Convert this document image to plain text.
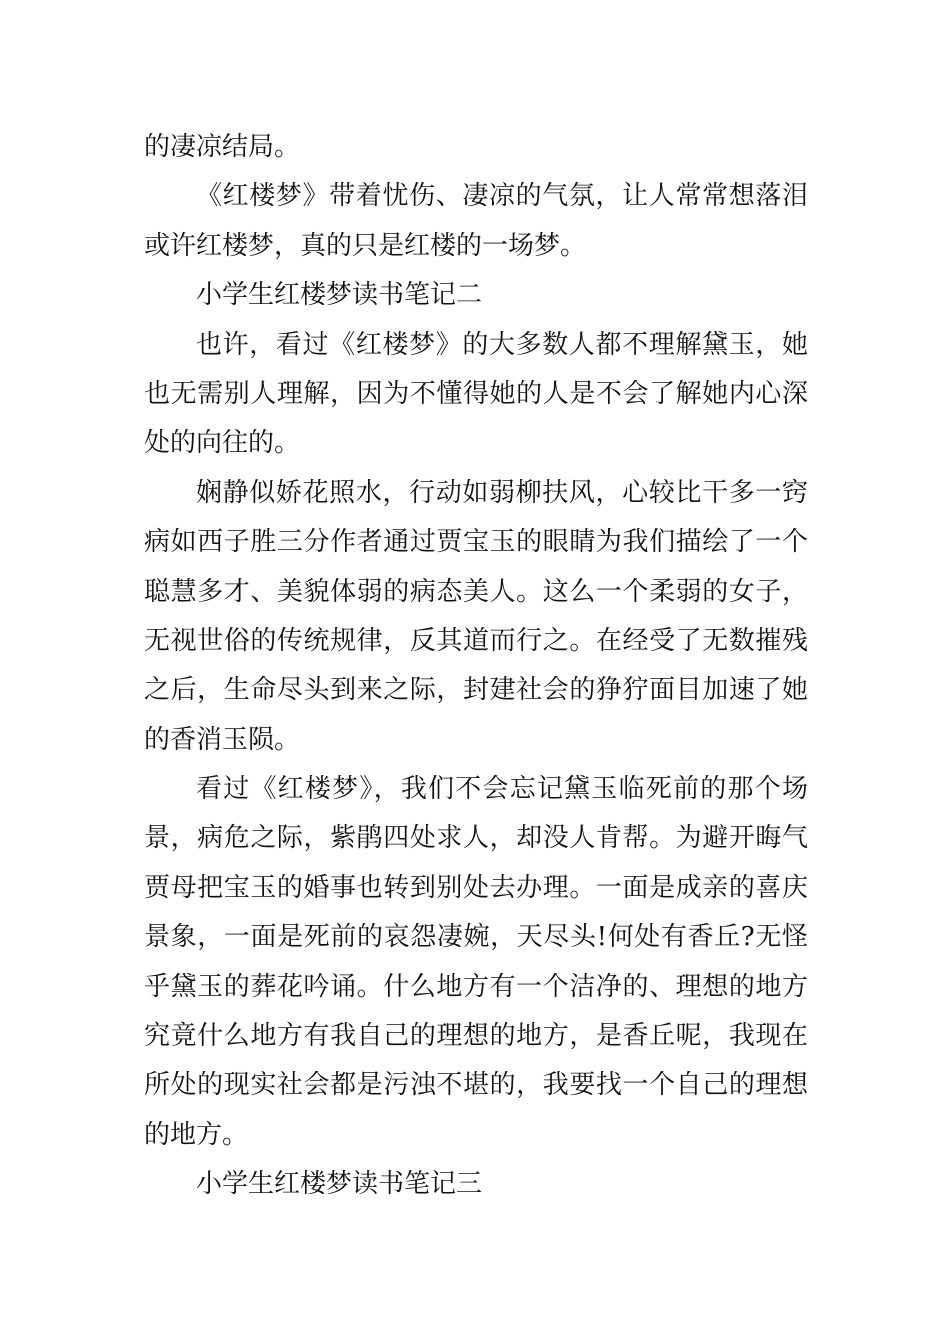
的凄凉结局。
《红楼梦》带着忧伤、凄凉的气氛，让人常常想落泪
或许红楼梦，真的只是红楼的一场梦。
小学生红楼梦读书笔记二
也许，看过《红楼梦》的大多数人都不理解黛玉，她
也无需别人理解，因为不懂得她的人是不会了解她内心深
处的向往的。
娴静似娇花照水，行动如弱柳扶风，心较比干多一窍
病如西子胜三分作者通过贾宝玉的眼睛为我们描绘了一个
聪慧多才、美貌体弱的病态美人。这么一个柔弱的女子，
无视世俗的传统规律，反其道而行之。在经受了无数摧残
之后，生命尽头到来之际，封建社会的狰狞面目加速了她
的香消玉陨。
看过《红楼梦》，我们不会忘记黛玉临死前的那个场
景，病危之际，紫鹃四处求人，却没人肯帮。为避开晦气
贾母把宝玉的婚事也转到别处去办理。一面是成亲的喜庆
景象，一面是死前的哀怨凄婉，天尽头!何处有香丘?无怪
乎黛玉的葬花吟诵。什么地方有一个洁净的、理想的地方
究竟什么地方有我自己的理想的地方，是香丘呢，我现在
所处的现实社会都是污浊不堪的，我要找一个自己的理想
的地方。
小学生红楼梦读书笔记三
